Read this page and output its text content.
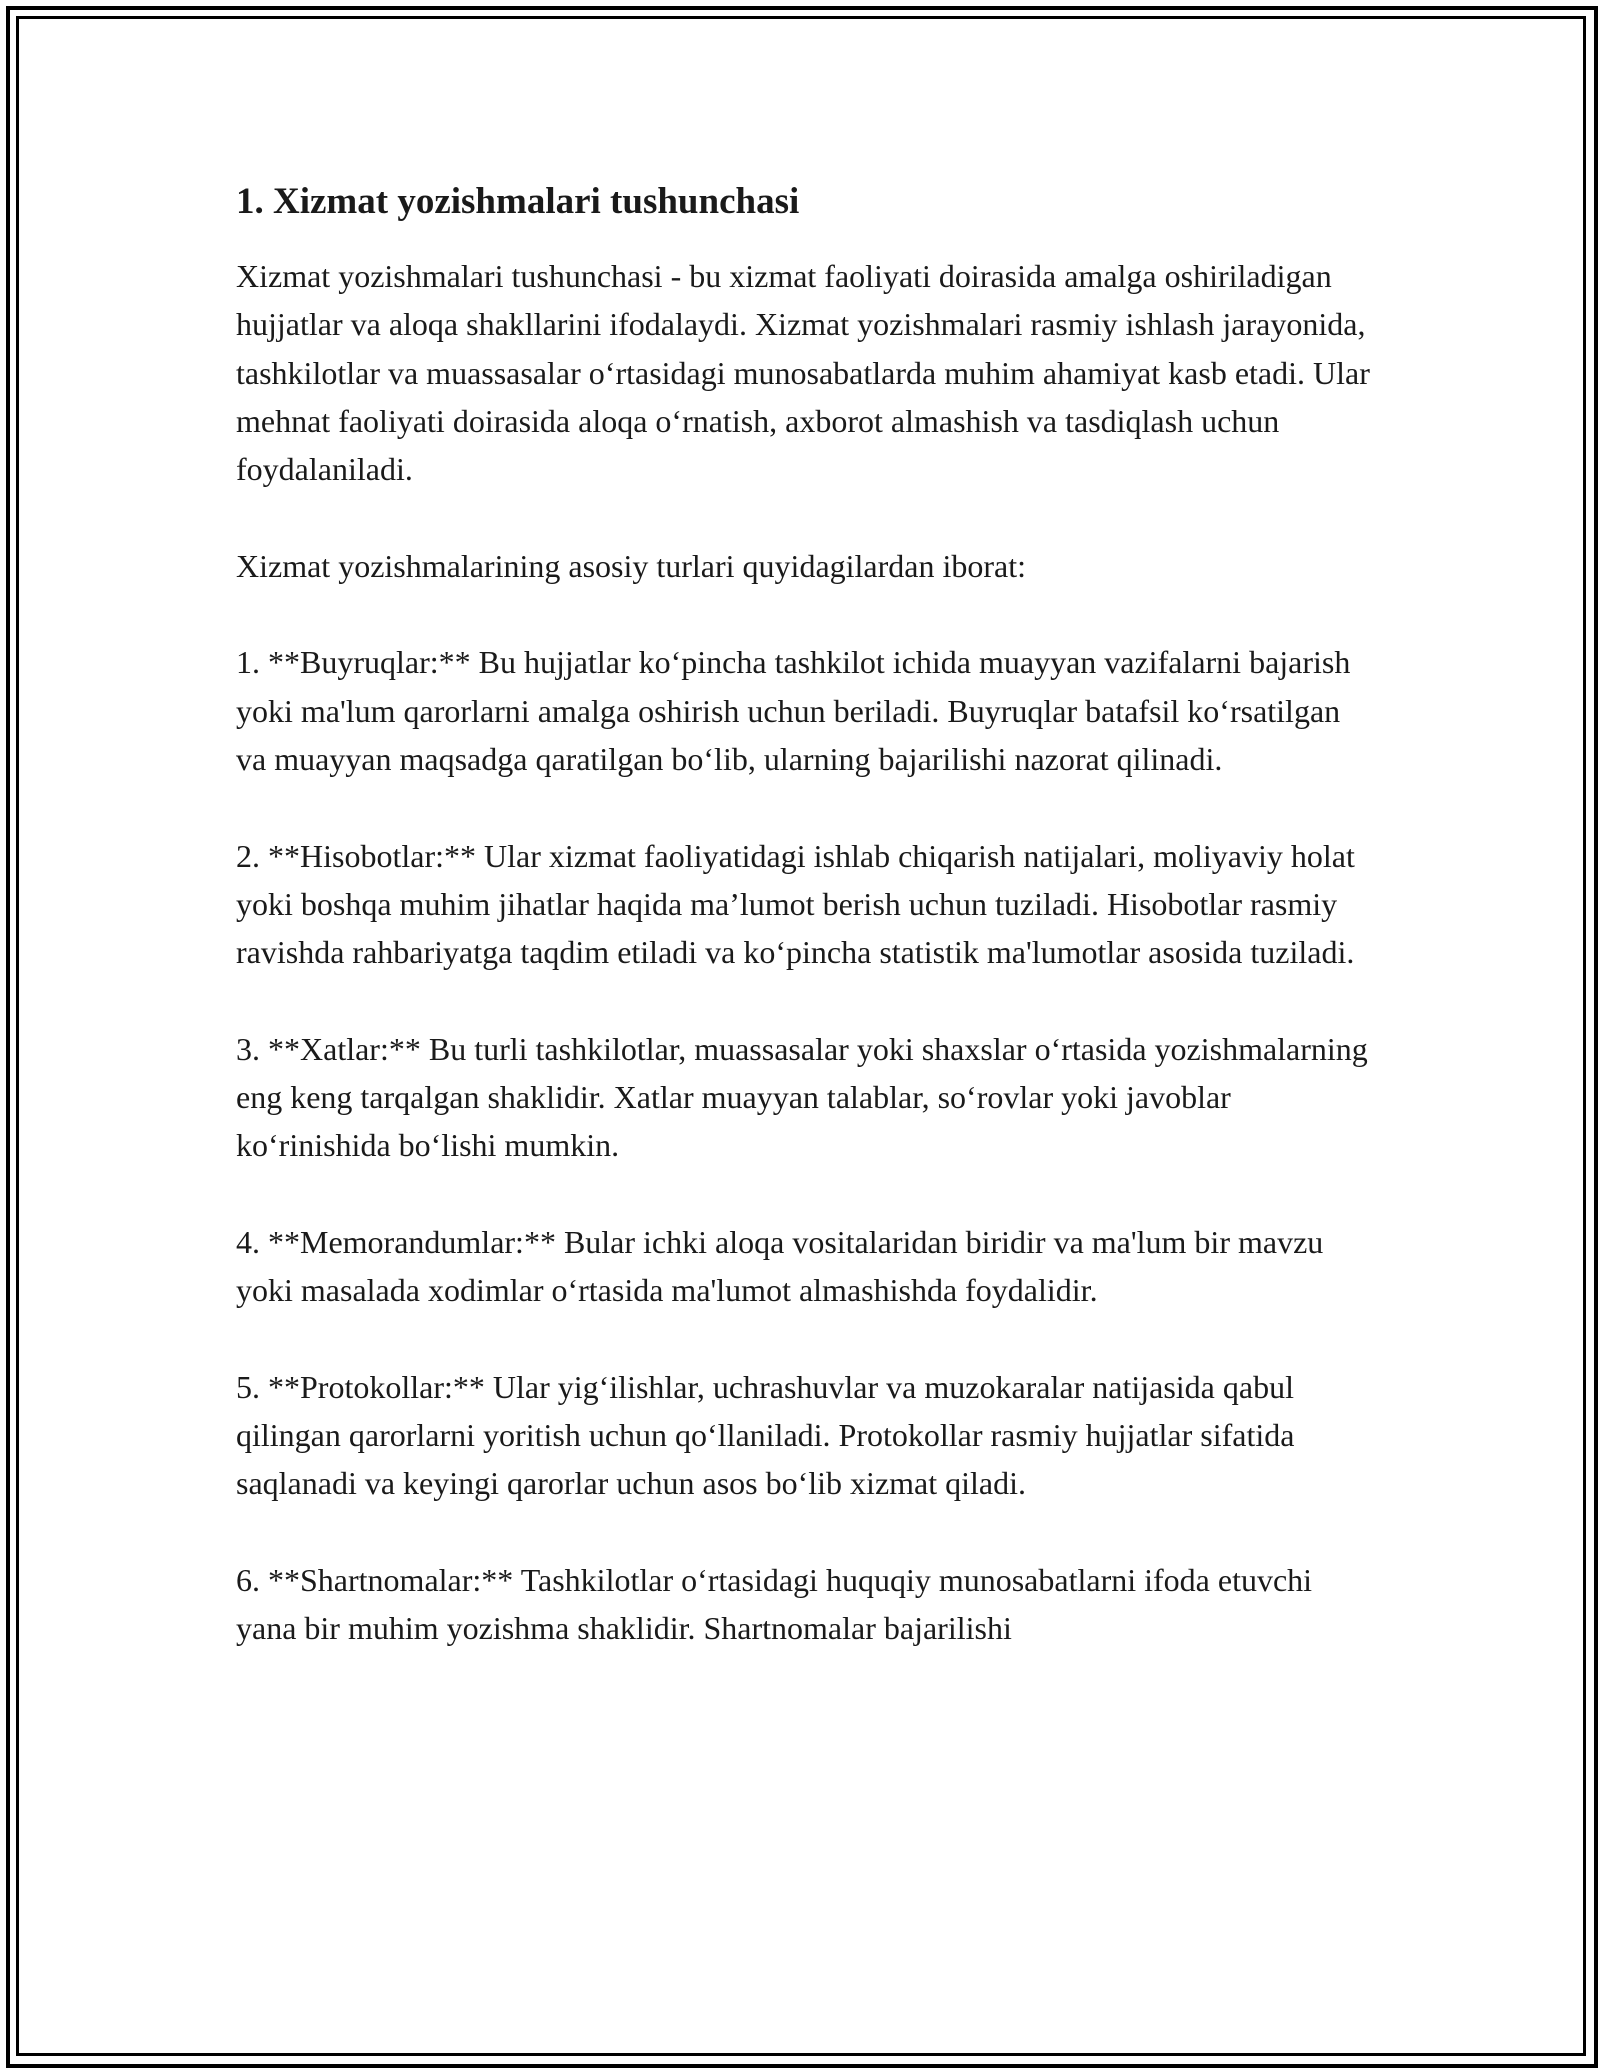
1. Xizmat yozishmalari tushunchasi

Xizmat yozishmalari tushunchasi - bu xizmat faoliyati doirasida amalga oshiriladigan hujjatlar va aloqa shakllarini ifodalaydi. Xizmat yozishmalari rasmiy ishlash jarayonida, tashkilotlar va muassasalar o‘rtasidagi munosabatlarda muhim ahamiyat kasb etadi. Ular mehnat faoliyati doirasida aloqa o‘rnatish, axborot almashish va tasdiqlash uchun foydalaniladi.

Xizmat yozishmalarining asosiy turlari quyidagilardan iborat:

1. **Buyruqlar:** Bu hujjatlar ko‘pincha tashkilot ichida muayyan vazifalarni bajarish yoki ma'lum qarorlarni amalga oshirish uchun beriladi. Buyruqlar batafsil ko‘rsatilgan va muayyan maqsadga qaratilgan bo‘lib, ularning bajarilishi nazorat qilinadi.

2. **Hisobotlar:** Ular xizmat faoliyatidagi ishlab chiqarish natijalari, moliyaviy holat yoki boshqa muhim jihatlar haqida ma’lumot berish uchun tuziladi. Hisobotlar rasmiy ravishda rahbariyatga taqdim etiladi va ko‘pincha statistik ma'lumotlar asosida tuziladi.

3. **Xatlar:** Bu turli tashkilotlar, muassasalar yoki shaxslar o‘rtasida yozishmalarning eng keng tarqalgan shaklidir. Xatlar muayyan talablar, so‘rovlar yoki javoblar ko‘rinishida bo‘lishi mumkin.

4. **Memorandumlar:** Bular ichki aloqa vositalaridan biridir va ma'lum bir mavzu yoki masalada xodimlar o‘rtasida ma'lumot almashishda foydalidir.

5. **Protokollar:** Ular yig‘ilishlar, uchrashuvlar va muzokaralar natijasida qabul qilingan qarorlarni yoritish uchun qo‘llaniladi. Protokollar rasmiy hujjatlar sifatida saqlanadi va keyingi qarorlar uchun asos bo‘lib xizmat qiladi.

6. **Shartnomalar:** Tashkilotlar o‘rtasidagi huquqiy munosabatlarni ifoda etuvchi yana bir muhim yozishma shaklidir. Shartnomalar bajarilishi
